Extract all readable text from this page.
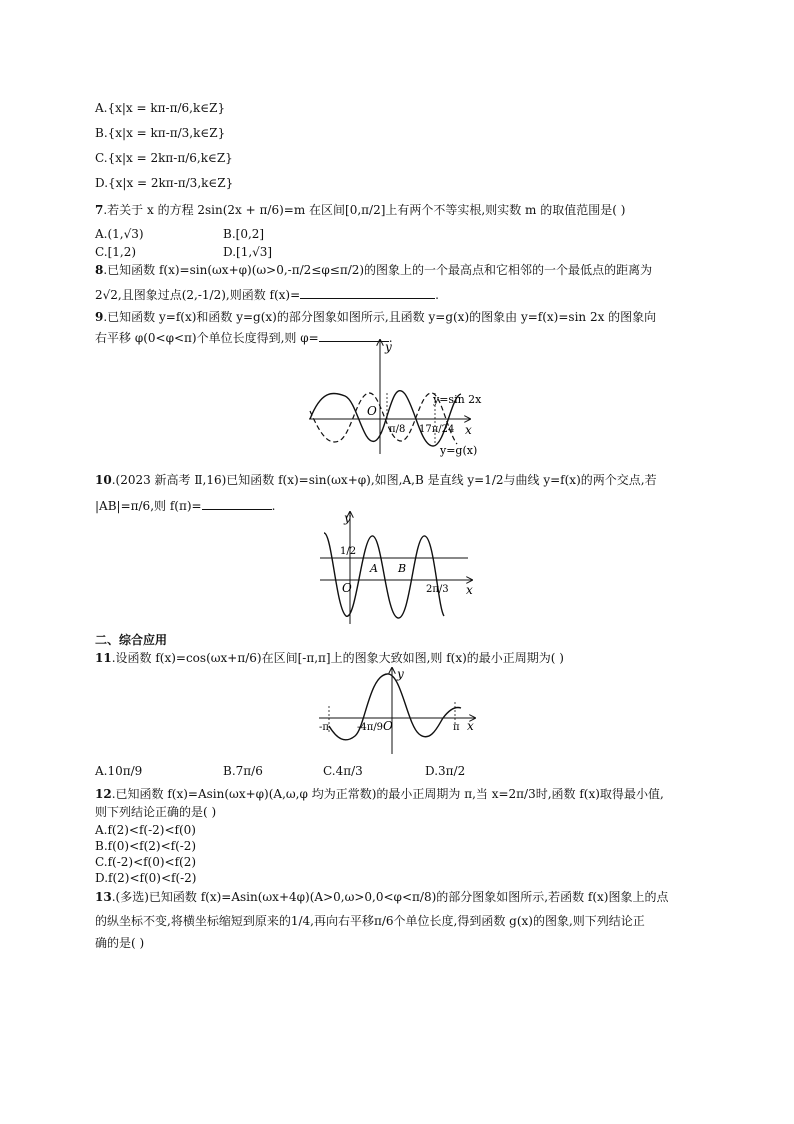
A.{x|x = kπ-π/6,k∈Z}
B.{x|x = kπ-π/3,k∈Z}
C.{x|x = 2kπ-π/6,k∈Z}
D.{x|x = 2kπ-π/3,k∈Z}
7.若关于 x 的方程 2sin(2x + π/6)=m 在区间[0,π/2]上有两个不等实根,则实数 m 的取值范围是( )
A.(1,√3)	B.[0,2]
C.[1,2)	D.[1,√3]
8.已知函数 f(x)=sin(ωx+φ)(ω>0,-π/2≤φ≤π/2)的图象上的一个最高点和它相邻的一个最低点的距离为
2√2,且图象过点(2,-1/2),则函数 f(x)=	.
9.已知函数 y=f(x)和函数 y=g(x)的部分图象如图所示,且函数 y=g(x)的图象由 y=f(x)=sin 2x 的图象向
右平移 φ(0<φ<π)个单位长度得到,则 φ=	.
y
x
O
y=sin 2x
y=g(x)
π/8 17π/24
10.(2023 新高考 Ⅱ,16)已知函数 f(x)=sin(ωx+φ),如图,A,B 是直线 y=1/2与曲线 y=f(x)的两个交点,若
|AB|=π/6,则 f(π)=	.
y
x
O
1/2
A B
2π/3
二、综合应用
11.设函数 f(x)=cos(ωx+π/6)在区间[-π,π]上的图象大致如图,则 f(x)的最小正周期为( )
y
x
O
-π	-4π/9	π
A.10π/9	B.7π/6	C.4π/3	D.3π/2
12.已知函数 f(x)=Asin(ωx+φ)(A,ω,φ 均为正常数)的最小正周期为 π,当 x=2π/3时,函数 f(x)取得最小值,
则下列结论正确的是( )
A.f(2)<f(-2)<f(0)
B.f(0)<f(2)<f(-2)
C.f(-2)<f(0)<f(2)
D.f(2)<f(0)<f(-2)
13.(多选)已知函数 f(x)=Asin(ωx+4φ)(A>0,ω>0,0<φ<π/8)的部分图象如图所示,若函数 f(x)图象上的点
的纵坐标不变,将横坐标缩短到原来的1/4,再向右平移π/6个单位长度,得到函数 g(x)的图象,则下列结论正
确的是( )
